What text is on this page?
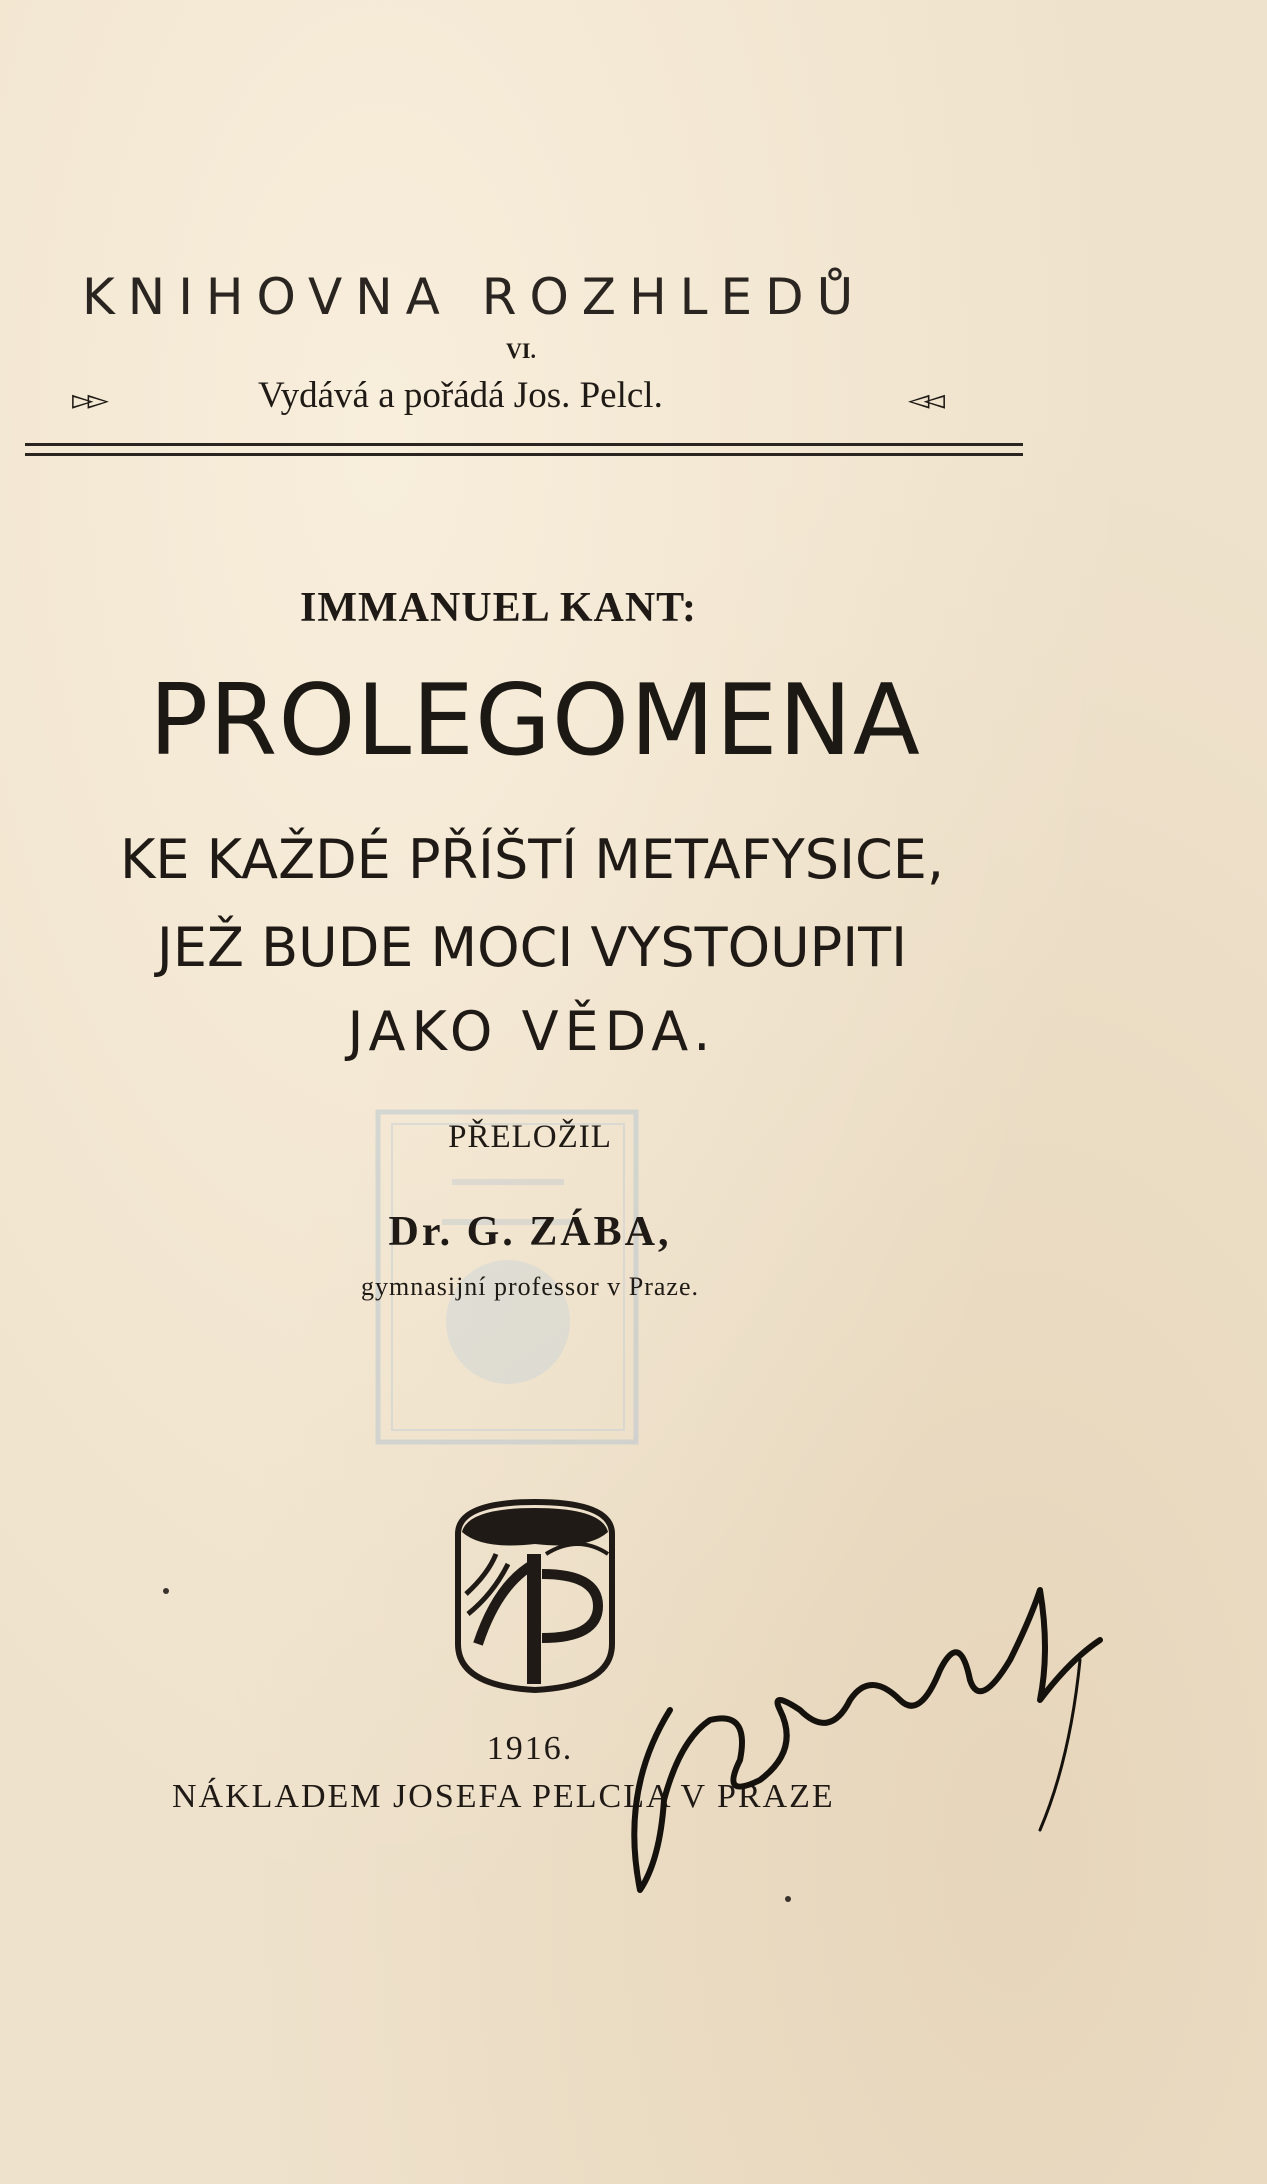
KNIHOVNA ROZHLEDŮ
VI.
▻▻	Vydává a pořádá Jos. Pelcl.	◅◅
IMMANUEL KANT:
PROLEGOMENA
KE KAŽDÉ PŘÍŠTÍ METAFYSICE,
JEŽ BUDE MOCI VYSTOUPITI
JAKO VĚDA.
PŘELOŽIL
Dr. G. ZÁBA,
gymnasijní professor v Praze.
1916.
NÁKLADEM JOSEFA PELCLA V PRAZE
